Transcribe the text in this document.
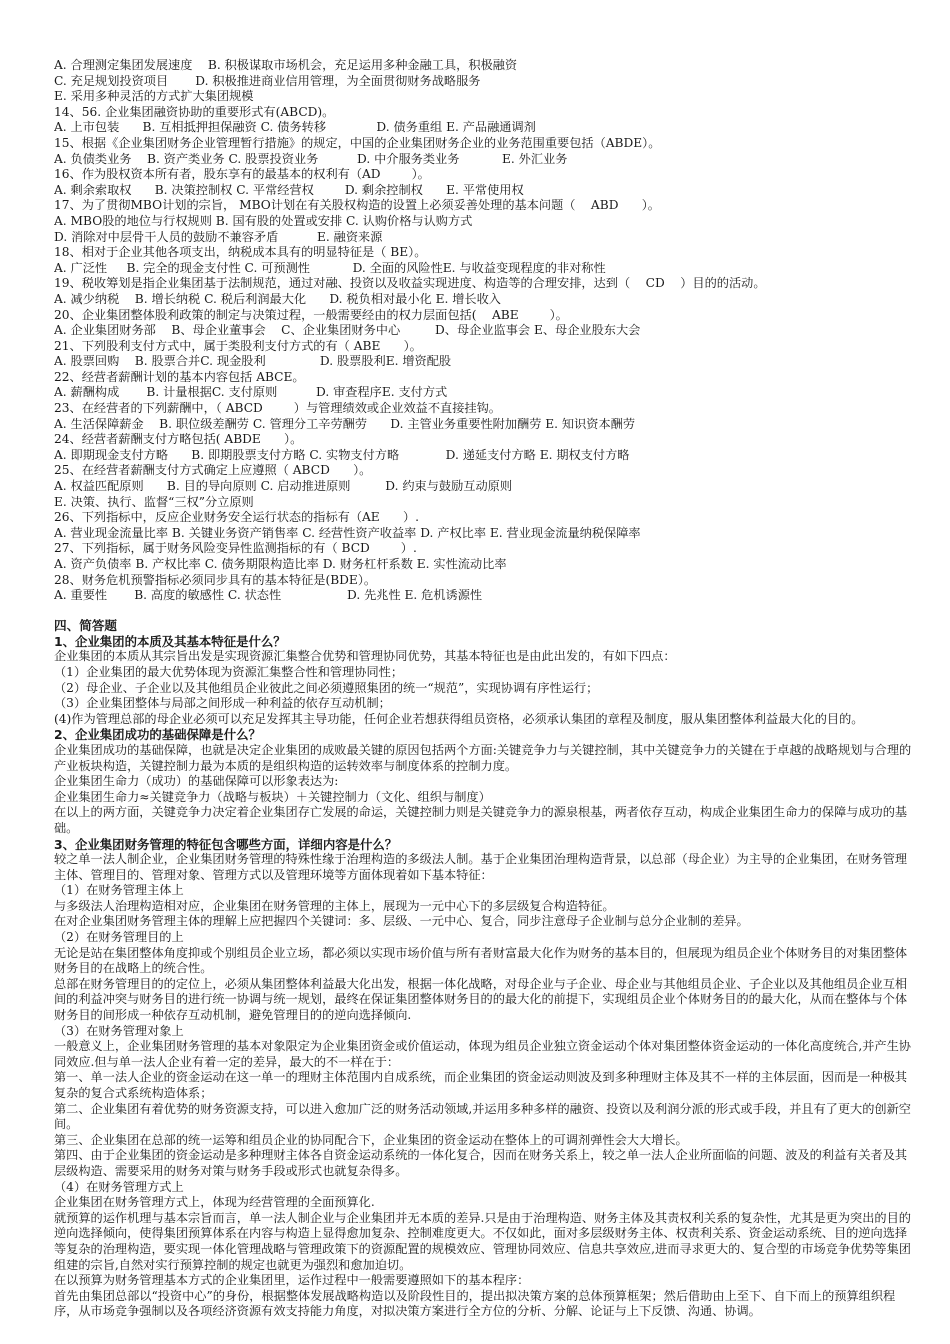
A. 合理测定集团发展速度    B. 积极谋取市场机会，充足运用多种金融工具，积极融资
C. 充足规划投资项目       D. 积极推进商业信用管理，为全面贯彻财务战略服务
E. 采用多种灵活的方式扩大集团规模
14、56. 企业集团融资协助的重要形式有(ABCD)。
A. 上市包装      B. 互相抵押担保融资 C. 债务转移             D. 债务重组 E. 产品融通调剂
15、根据《企业集团财务企业管理暂行措施》的规定，中国的企业集团财务企业的业务范围重要包括（ABDE）。
A. 负债类业务    B. 资产类业务 C. 股票投资业务          D. 中介服务类业务           E. 外汇业务
16、作为股权资本所有者，股东享有的最基本的权利有（AD        ）。
A. 剩余索取权      B. 决策控制权 C. 平常经营权        D. 剩余控制权      E. 平常使用权
17、为了贯彻MBO计划的宗旨， MBO计划在有关股权构造的设置上必须妥善处理的基本问题（    ABD      ）。
A. MBO股的地位与行权规则 B. 国有股的处置或安排 C. 认购价格与认购方式
D. 消除对中层骨干人员的鼓励不兼容矛盾          E. 融资来源
18、相对于企业其他各项支出，纳税成本具有的明显特征是（ BE）。
A. 广泛性     B. 完全的现金支付性 C. 可预测性           D. 全面的风险性E. 与收益变现程度的非对称性
19、税收筹划是指企业集团基于法制规范，通过对融、投资以及收益实现进度、构造等的合理安排，达到（    CD    ）目的的活动。
A. 减少纳税    B. 增长纳税 C. 税后利润最大化      D. 税负相对最小化 E. 增长收入
20、企业集团整体股利政策的制定与决策过程，一般需要经由的权力层面包括(    ABE        ）。
A. 企业集团财务部    B、母企业董事会    C、企业集团财务中心         D、母企业监事会 E、母企业股东大会
21、下列股利支付方式中，属于类股利支付方式的有（ ABE      ）。
A. 股票回购    B. 股票合并C. 现金股利              D. 股票股利E. 增资配股
22、经营者薪酬计划的基本内容包括 ABCE。
A. 薪酬构成       B. 计量根据C. 支付原则          D. 审查程序E. 支付方式
23、在经营者的下列薪酬中，（ ABCD        ）与管理绩效或企业效益不直接挂钩。
A. 生活保障薪金    B. 职位级差酬劳 C. 管理分工辛劳酬劳      D. 主管业务重要性附加酬劳 E. 知识资本酬劳
24、经营者薪酬支付方略包括( ABDE      ）。
A. 即期现金支付方略      B. 即期股票支付方略 C. 实物支付方略            D. 递延支付方略 E. 期权支付方略
25、在经营者薪酬支付方式确定上应遵照（ ABCD      ）。
A. 权益匹配原则      B. 目的导向原则 C. 启动推进原则         D. 约束与鼓励互动原则
E. 决策、执行、监督“三权”分立原则
26、下列指标中，反应企业财务安全运行状态的指标有（AE      ）.
A. 营业现金流量比率 B. 关键业务资产销售率 C. 经营性资产收益率 D. 产权比率 E. 营业现金流量纳税保障率
27、下列指标，属于财务风险变异性监测指标的有（ BCD        ）.
A. 资产负债率 B. 产权比率 C. 债务期限构造比率 D. 财务杠杆系数 E. 实性流动比率
28、财务危机预警指标必须同步具有的基本特征是(BDE）。
A. 重要性       B. 高度的敏感性 C. 状态性                 D. 先兆性 E. 危机诱源性
四、简答题
1、企业集团的本质及其基本特征是什么？
企业集团的本质从其宗旨出发是实现资源汇集整合优势和管理协同优势，其基本特征也是由此出发的，有如下四点：
（1）企业集团的最大优势体现为资源汇集整合性和管理协同性；
（2）母企业、子企业以及其他组员企业彼此之间必须遵照集团的统一“规范”，实现协调有序性运行；
（3）企业集团整体与局部之间形成一种利益的依存互动机制；
(4)作为管理总部的母企业必须可以充足发挥其主导功能，任何企业若想获得组员资格，必须承认集团的章程及制度，服从集团整体利益最大化的目的。
2、企业集团成功的基础保障是什么？
企业集团成功的基础保障，也就是决定企业集团的成败最关键的原因包括两个方面:关键竞争力与关键控制，其中关键竞争力的关键在于卓越的战略规划与合理的产业板块构造，关键控制力最为本质的是组织构造的运转效率与制度体系的控制力度。
企业集团生命力（成功）的基础保障可以形象表达为:
企业集团生命力≈关键竞争力（战略与板块）＋关键控制力（文化、组织与制度）
在以上的两方面，关键竞争力决定着企业集团存亡发展的命运，关键控制力则是关键竞争力的源泉根基，两者依存互动，构成企业集团生命力的保障与成功的基础。
3、企业集团财务管理的特征包含哪些方面，详细内容是什么？
较之单一法人制企业，企业集团财务管理的特殊性缘于治理构造的多级法人制。基于企业集团治理构造背景，以总部（母企业）为主导的企业集团，在财务管理主体、管理目的、管理对象、管理方式以及管理环境等方面体现着如下基本特征：
（1）在财务管理主体上
与多级法人治理构造相对应，企业集团在财务管理的主体上，展现为一元中心下的多层级复合构造特征。
在对企业集团财务管理主体的理解上应把握四个关键词：多、层级、一元中心、复合，同步注意母子企业制与总分企业制的差异。
（2）在财务管理目的上
无论是站在集团整体角度抑或个别组员企业立场，都必须以实现市场价值与所有者财富最大化作为财务的基本目的，但展现为组员企业个体财务目的对集团整体财务目的在战略上的统合性。
总部在财务管理目的的定位上，必须从集团整体利益最大化出发，根据一体化战略，对母企业与子企业、母企业与其他组员企业、子企业以及其他组员企业互相间的利益冲突与财务目的进行统一协调与统一规划，最终在保证集团整体财务目的的最大化的前提下，实现组员企业个体财务目的的最大化，从而在整体与个体财务目的间形成一种依存互动机制，避免管理目的的逆向选择倾向.
（3）在财务管理对象上
一般意义上，企业集团财务管理的基本对象限定为企业集团资金或价值运动，体现为组员企业独立资金运动个体对集团整体资金运动的一体化高度统合,并产生协同效应.但与单一法人企业有着一定的差异，最大的不一样在于：
第一、单一法人企业的资金运动在这一单一的理财主体范围内自成系统，而企业集团的资金运动则波及到多种理财主体及其不一样的主体层面，因而是一种极其复杂的复合式系统构造体系；
第二、企业集团有着优势的财务资源支持，可以进入愈加广泛的财务活动领域,并运用多种多样的融资、投资以及利润分派的形式或手段，并且有了更大的创新空间。
第三、企业集团在总部的统一运筹和组员企业的协同配合下，企业集团的资金运动在整体上的可调剂弹性会大大增长。
第四、由于企业集团的资金运动是多种理财主体各自资金运动系统的一体化复合，因而在财务关系上，较之单一法人企业所面临的问题、波及的利益有关者及其层级构造、需要采用的财务对策与财务手段或形式也就复杂得多。
（4）在财务管理方式上
企业集团在财务管理方式上，体现为经营管理的全面预算化.
就预算的运作机理与基本宗旨而言，单一法人制企业与企业集团并无本质的差异.只是由于治理构造、财务主体及其责权利关系的复杂性，尤其是更为突出的目的逆向选择倾向，使得集团预算体系在内容与构造上显得愈加复杂、控制难度更大。不仅如此，面对多层级财务主体、权责利关系、资金运动系统、目的逆向选择等复杂的治理构造，要实现一体化管理战略与管理政策下的资源配置的规模效应、管理协同效应、信息共享效应,进而寻求更大的、复合型的市场竞争优势等集团组建的宗旨,自然对实行预算控制的规定也就更为强烈和愈加迫切。
在以预算为财务管理基本方式的企业集团里，运作过程中一般需要遵照如下的基本程序：
首先由集团总部以“投资中心”的身份，根据整体发展战略构造以及阶段性目的，提出拟决策方案的总体预算框架；然后借助由上至下、自下而上的预算组织程序，从市场竞争强制以及各项经济资源有效支持能力角度，对拟决策方案进行全方位的分析、分解、论证与上下反馈、沟通、协调。
